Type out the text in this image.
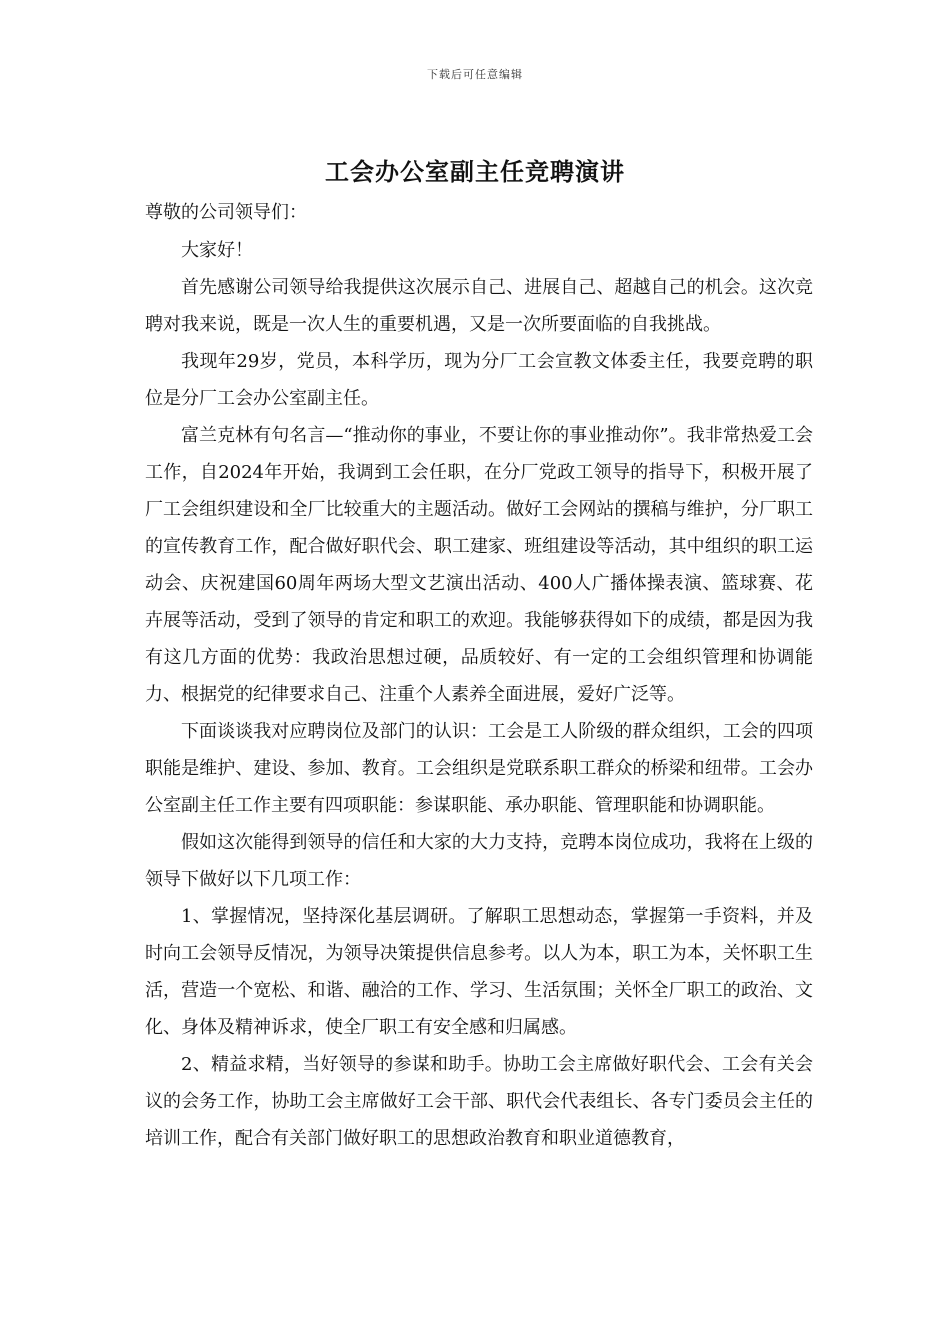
下载后可任意编辑
工会办公室副主任竞聘演讲

尊敬的公司领导们：

大家好！

首先感谢公司领导给我提供这次展示自己、进展自己、超越自己的机会。这次竞聘对我来说，既是一次人生的重要机遇，又是一次所要面临的自我挑战。

我现年29岁，党员，本科学历，现为分厂工会宣教文体委主任，我要竞聘的职位是分厂工会办公室副主任。

富兰克林有句名言—“推动你的事业，不要让你的事业推动你”。我非常热爱工会工作，自2024年开始，我调到工会任职，在分厂党政工领导的指导下，积极开展了厂工会组织建设和全厂比较重大的主题活动。做好工会网站的撰稿与维护，分厂职工的宣传教育工作，配合做好职代会、职工建家、班组建设等活动，其中组织的职工运动会、庆祝建国60周年两场大型文艺演出活动、400人广播体操表演、篮球赛、花卉展等活动，受到了领导的肯定和职工的欢迎。我能够获得如下的成绩，都是因为我有这几方面的优势：我政治思想过硬，品质较好、有一定的工会组织管理和协调能力、根据党的纪律要求自己、注重个人素养全面进展，爱好广泛等。

下面谈谈我对应聘岗位及部门的认识：工会是工人阶级的群众组织，工会的四项职能是维护、建设、参加、教育。工会组织是党联系职工群众的桥梁和纽带。工会办公室副主任工作主要有四项职能：参谋职能、承办职能、管理职能和协调职能。

假如这次能得到领导的信任和大家的大力支持，竞聘本岗位成功，我将在上级的领导下做好以下几项工作：

1、掌握情况，坚持深化基层调研。了解职工思想动态，掌握第一手资料，并及时向工会领导反情况，为领导决策提供信息参考。以人为本，职工为本，关怀职工生活，营造一个宽松、和谐、融洽的工作、学习、生活氛围；关怀全厂职工的政治、文化、身体及精神诉求，使全厂职工有安全感和归属感。

2、精益求精，当好领导的参谋和助手。协助工会主席做好职代会、工会有关会议的会务工作，协助工会主席做好工会干部、职代会代表组长、各专门委员会主任的培训工作，配合有关部门做好职工的思想政治教育和职业道德教育，
